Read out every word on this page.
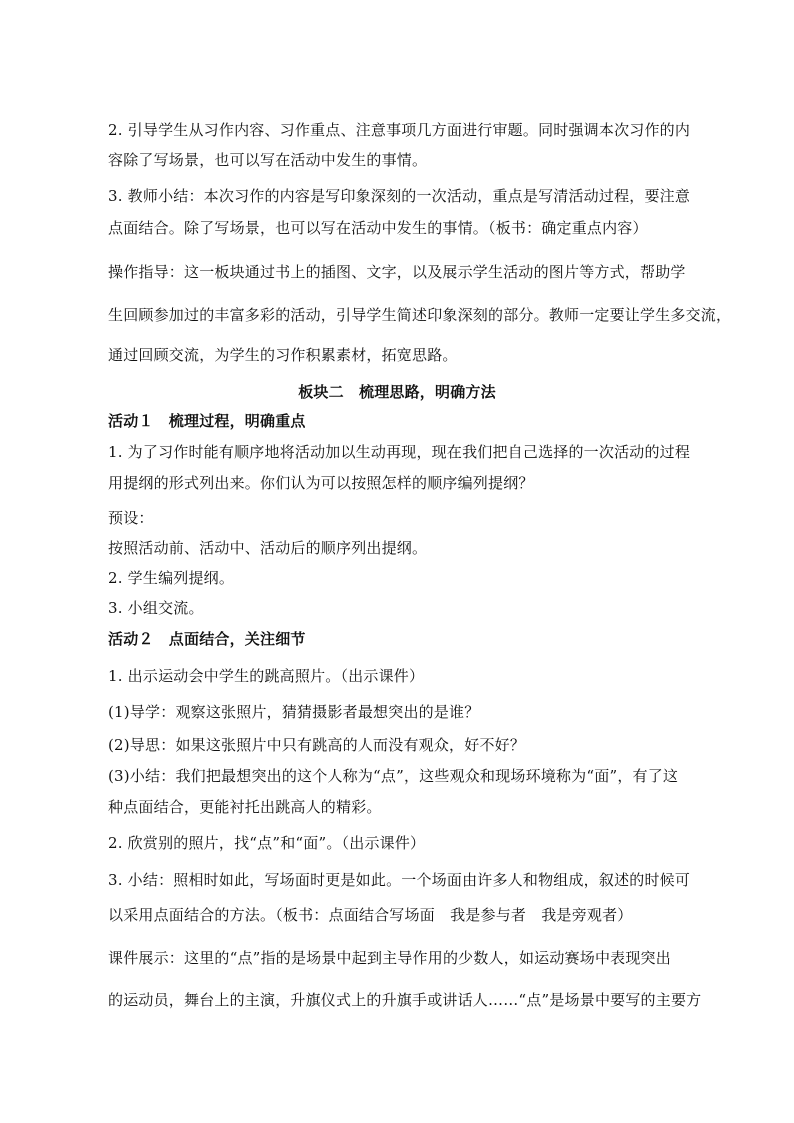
2. 引导学生从习作内容、习作重点、注意事项几方面进行审题。同时强调本次习作的内
容除了写场景，也可以写在活动中发生的事情。
3. 教师小结：本次习作的内容是写印象深刻的一次活动，重点是写清活动过程，要注意
点面结合。除了写场景，也可以写在活动中发生的事情。（板书：确定重点内容）
操作指导：这一板块通过书上的插图、文字，以及展示学生活动的图片等方式，帮助学
生回顾参加过的丰富多彩的活动，引导学生简述印象深刻的部分。教师一定要让学生多交流，
通过回顾交流，为学生的习作积累素材，拓宽思路。
板块二　梳理思路，明确方法
活动１　梳理过程，明确重点
1. 为了习作时能有顺序地将活动加以生动再现，现在我们把自己选择的一次活动的过程
用提纲的形式列出来。你们认为可以按照怎样的顺序编列提纲？
预设：
按照活动前、活动中、活动后的顺序列出提纲。
2. 学生编列提纲。
3. 小组交流。
活动２　点面结合，关注细节
1. 出示运动会中学生的跳高照片。（出示课件）
(1)导学：观察这张照片，猜猜摄影者最想突出的是谁？
(2)导思：如果这张照片中只有跳高的人而没有观众，好不好？
(3)小结：我们把最想突出的这个人称为“点”，这些观众和现场环境称为“面”，有了这
种点面结合，更能衬托出跳高人的精彩。
2. 欣赏别的照片，找“点”和“面”。（出示课件）
3. 小结：照相时如此，写场面时更是如此。一个场面由许多人和物组成，叙述的时候可
以采用点面结合的方法。（板书：点面结合写场面　我是参与者　我是旁观者）
课件展示：这里的“点”指的是场景中起到主导作用的少数人，如运动赛场中表现突出
的运动员，舞台上的主演，升旗仪式上的升旗手或讲话人……“点”是场景中要写的主要方
